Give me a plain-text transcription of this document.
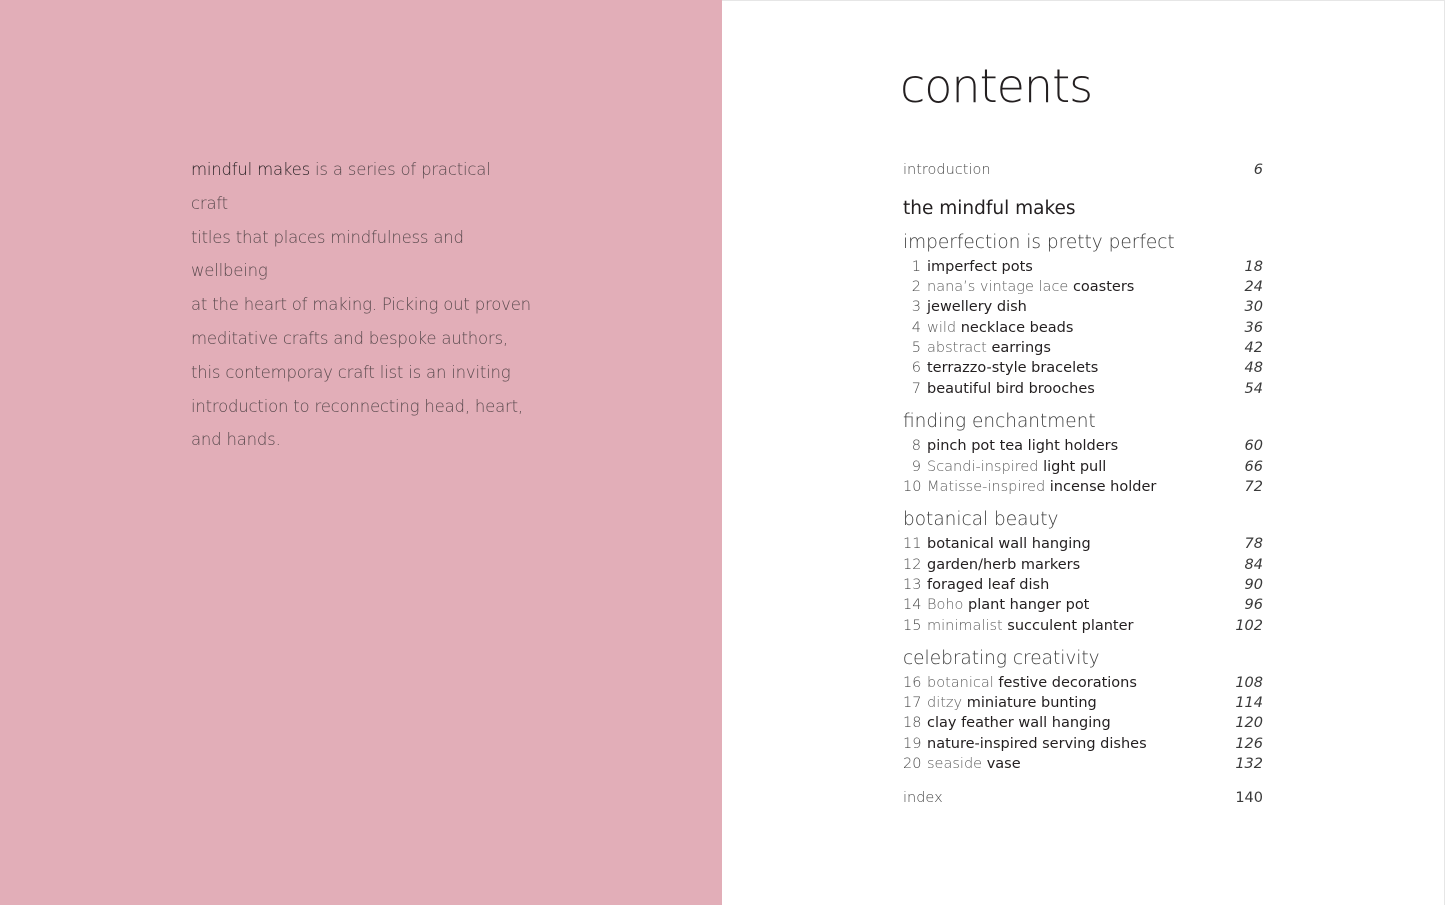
mindful makes is a series of practical craft
titles that places mindfulness and wellbeing
at the heart of making. Picking out proven
meditative crafts and bespoke authors,
this contemporay craft list is an inviting
introduction to reconnecting head, heart,
and hands.

contents
introduction	6
the mindful makes
imperfection is pretty perfect
1 imperfect pots	18
2 nana’s vintage lace coasters	24
3 jewellery dish	30
4 wild necklace beads	36
5 abstract earrings	42
6 terrazzo-style bracelets	48
7 beautiful bird brooches	54
finding enchantment
8 pinch pot tea light holders	60
9 Scandi-inspired light pull	66
10 Matisse-inspired incense holder	72
botanical beauty
11 botanical wall hanging	78
12 garden/herb markers	84
13 foraged leaf dish	90
14 Boho plant hanger pot	96
15 minimalist succulent planter	102
celebrating creativity
16 botanical festive decorations	108
17 ditzy miniature bunting	114
18 clay feather wall hanging	120
19 nature-inspired serving dishes	126
20 seaside vase	132
index	140
